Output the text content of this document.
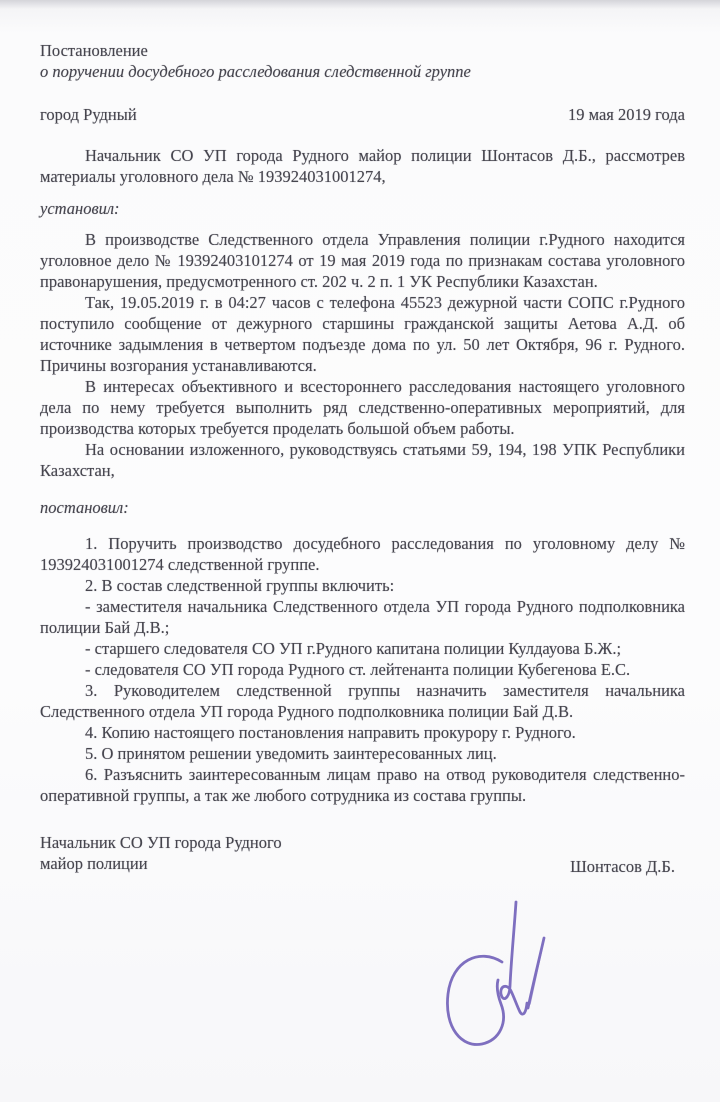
Постановление

о поручении досудебного расследования следственной группе

город Рудный	19 мая 2019 года

Начальник СО УП города Рудного майор полиции Шонтасов Д.Б., рассмотрев материалы уголовного дела № 193924031001274,

установил:

В производстве Следственного отдела Управления полиции г.Рудного находится уголовное дело № 19392403101274 от 19 мая 2019 года по признакам состава уголовного правонарушения, предусмотренного ст. 202 ч. 2 п. 1 УК Республики Казахстан.

Так, 19.05.2019 г. в 04:27 часов с телефона 45523 дежурной части СОПС г.Рудного поступило сообщение от дежурного старшины гражданской защиты Аетова А.Д. об источнике задымления в четвертом подъезде дома по ул. 50 лет Октября, 96 г. Рудного. Причины возгорания устанавливаются.

В интересах объективного и всестороннего расследования настоящего уголовного дела по нему требуется выполнить ряд следственно-оперативных мероприятий, для производства которых требуется проделать большой объем работы.

На основании изложенного, руководствуясь статьями 59, 194, 198 УПК Республики Казахстан,

постановил:

1. Поручить производство досудебного расследования по уголовному делу № 193924031001274 следственной группе.

2. В состав следственной группы включить:

- заместителя начальника Следственного отдела УП города Рудного подполковника полиции Бай Д.В.;

- старшего следователя СО УП г.Рудного капитана полиции Кулдауова Б.Ж.;

- следователя СО УП города Рудного ст. лейтенанта полиции Кубегенова Е.С.

3. Руководителем следственной группы назначить заместителя начальника Следственного отдела УП города Рудного подполковника полиции Бай Д.В.

4. Копию настоящего постановления направить прокурору г. Рудного.

5. О принятом решении уведомить заинтересованных лиц.

6. Разъяснить заинтересованным лицам право на отвод руководителя следственно-оперативной группы, а так же любого сотрудника из состава группы.

Начальник СО УП города Рудного

майор полиции	Шонтасов Д.Б.
